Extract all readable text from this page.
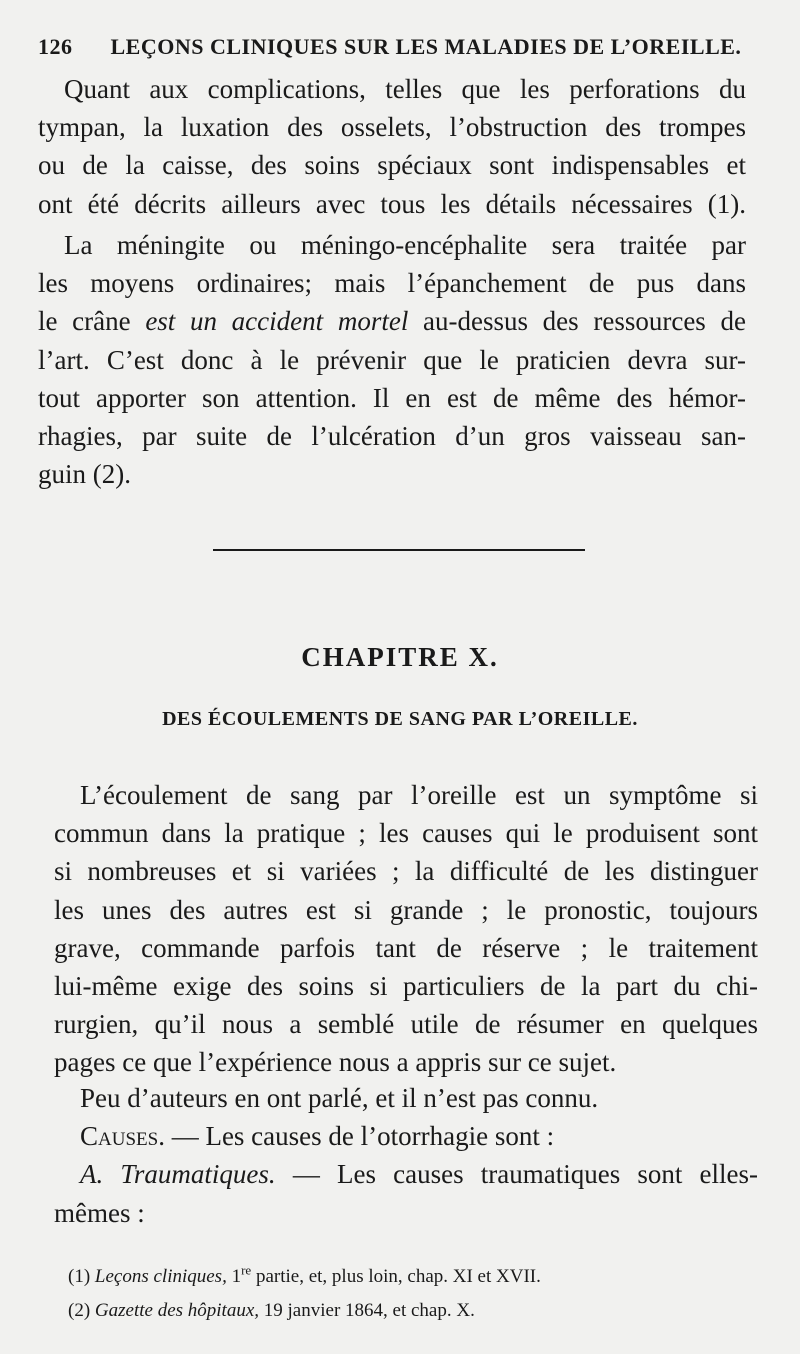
126 LEÇONS CLINIQUES SUR LES MALADIES DE L’OREILLE.
Quant aux complications, telles que les perforations du
tympan, la luxation des osselets, l’obstruction des trompes
ou de la caisse, des soins spéciaux sont indispensables et
ont été décrits ailleurs avec tous les détails nécessaires (1).
La méningite ou méningo-encéphalite sera traitée par
les moyens ordinaires; mais l’épanchement de pus dans
le crâne est un accident mortel au-dessus des ressources de
l’art. C’est donc à le prévenir que le praticien devra sur-
tout apporter son attention. Il en est de même des hémor-
rhagies, par suite de l’ulcération d’un gros vaisseau san-
guin (2).
CHAPITRE X.
DES ÉCOULEMENTS DE SANG PAR L’OREILLE.
L’écoulement de sang par l’oreille est un symptôme si
commun dans la pratique ; les causes qui le produisent sont
si nombreuses et si variées ; la difficulté de les distinguer
les unes des autres est si grande ; le pronostic, toujours
grave, commande parfois tant de réserve ; le traitement
lui-même exige des soins si particuliers de la part du chi-
rurgien, qu’il nous a semblé utile de résumer en quelques
pages ce que l’expérience nous a appris sur ce sujet.
Peu d’auteurs en ont parlé, et il n’est pas connu.
Causes. — Les causes de l’otorrhagie sont :
A. Traumatiques. — Les causes traumatiques sont elles-
mêmes :
(1) Leçons cliniques, 1re partie, et, plus loin, chap. XI et XVII.
(2) Gazette des hôpitaux, 19 janvier 1864, et chap. X.
